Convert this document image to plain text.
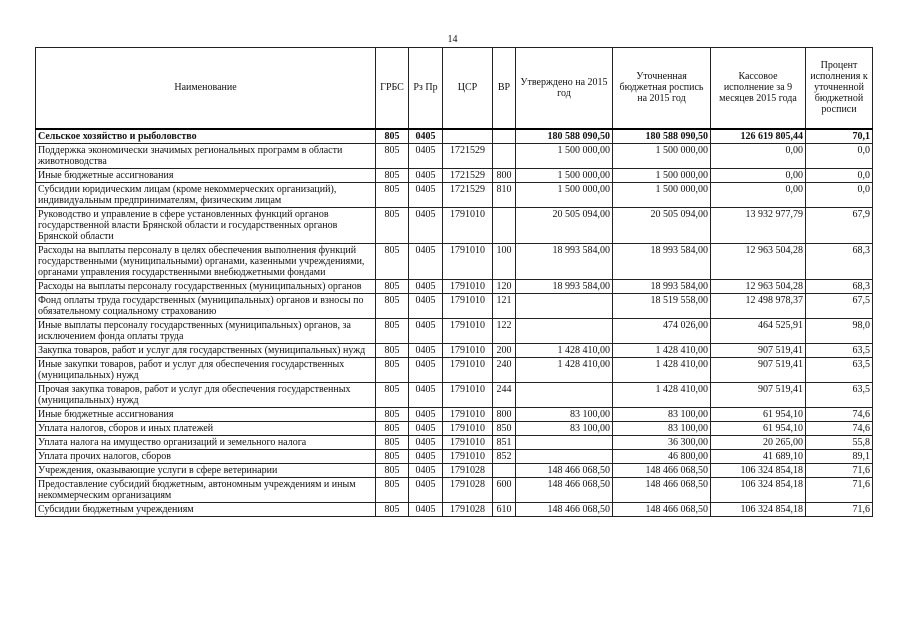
14
Наименование	ГРБС	Рз Пр	ЦСР	ВР	Утверждено на 2015 год	Уточненная бюджетная роспись на 2015 год	Кассовое исполнение за 9 месяцев 2015 года	Процент исполнения к уточненной бюджетной росписи
Сельское хозяйство и рыболовство	805	0405			180 588 090,50	180 588 090,50	126 619 805,44	70,1
Поддержка экономически значимых региональных программ в области животноводства	805	0405	1721529		1 500 000,00	1 500 000,00	0,00	0,0
Иные бюджетные ассигнования	805	0405	1721529	800	1 500 000,00	1 500 000,00	0,00	0,0
Субсидии юридическим лицам (кроме некоммерческих организаций), индивидуальным предпринимателям, физическим лицам	805	0405	1721529	810	1 500 000,00	1 500 000,00	0,00	0,0
Руководство и управление в сфере установленных функций органов государственной власти Брянской области и государственных органов Брянской области	805	0405	1791010		20 505 094,00	20 505 094,00	13 932 977,79	67,9
Расходы на выплаты персоналу в целях обеспечения выполнения функций государственными (муниципальными) органами, казенными учреждениями, органами управления государственными внебюджетными фондами	805	0405	1791010	100	18 993 584,00	18 993 584,00	12 963 504,28	68,3
Расходы на выплаты персоналу государственных (муниципальных) органов	805	0405	1791010	120	18 993 584,00	18 993 584,00	12 963 504,28	68,3
Фонд оплаты труда государственных (муниципальных) органов и взносы по обязательному социальному страхованию	805	0405	1791010	121		18 519 558,00	12 498 978,37	67,5
Иные выплаты персоналу государственных (муниципальных) органов, за исключением фонда оплаты труда	805	0405	1791010	122		474 026,00	464 525,91	98,0
Закупка товаров, работ и услуг для государственных (муниципальных) нужд	805	0405	1791010	200	1 428 410,00	1 428 410,00	907 519,41	63,5
Иные закупки товаров, работ и услуг для обеспечения государственных (муниципальных) нужд	805	0405	1791010	240	1 428 410,00	1 428 410,00	907 519,41	63,5
Прочая закупка товаров, работ и услуг для обеспечения государственных (муниципальных) нужд	805	0405	1791010	244		1 428 410,00	907 519,41	63,5
Иные бюджетные ассигнования	805	0405	1791010	800	83 100,00	83 100,00	61 954,10	74,6
Уплата налогов, сборов и иных платежей	805	0405	1791010	850	83 100,00	83 100,00	61 954,10	74,6
Уплата налога на имущество организаций и земельного налога	805	0405	1791010	851		36 300,00	20 265,00	55,8
Уплата прочих налогов, сборов	805	0405	1791010	852		46 800,00	41 689,10	89,1
Учреждения, оказывающие услуги в сфере ветеринарии	805	0405	1791028		148 466 068,50	148 466 068,50	106 324 854,18	71,6
Предоставление субсидий бюджетным, автономным учреждениям и иным некоммерческим организациям	805	0405	1791028	600	148 466 068,50	148 466 068,50	106 324 854,18	71,6
Субсидии бюджетным учреждениям	805	0405	1791028	610	148 466 068,50	148 466 068,50	106 324 854,18	71,6
